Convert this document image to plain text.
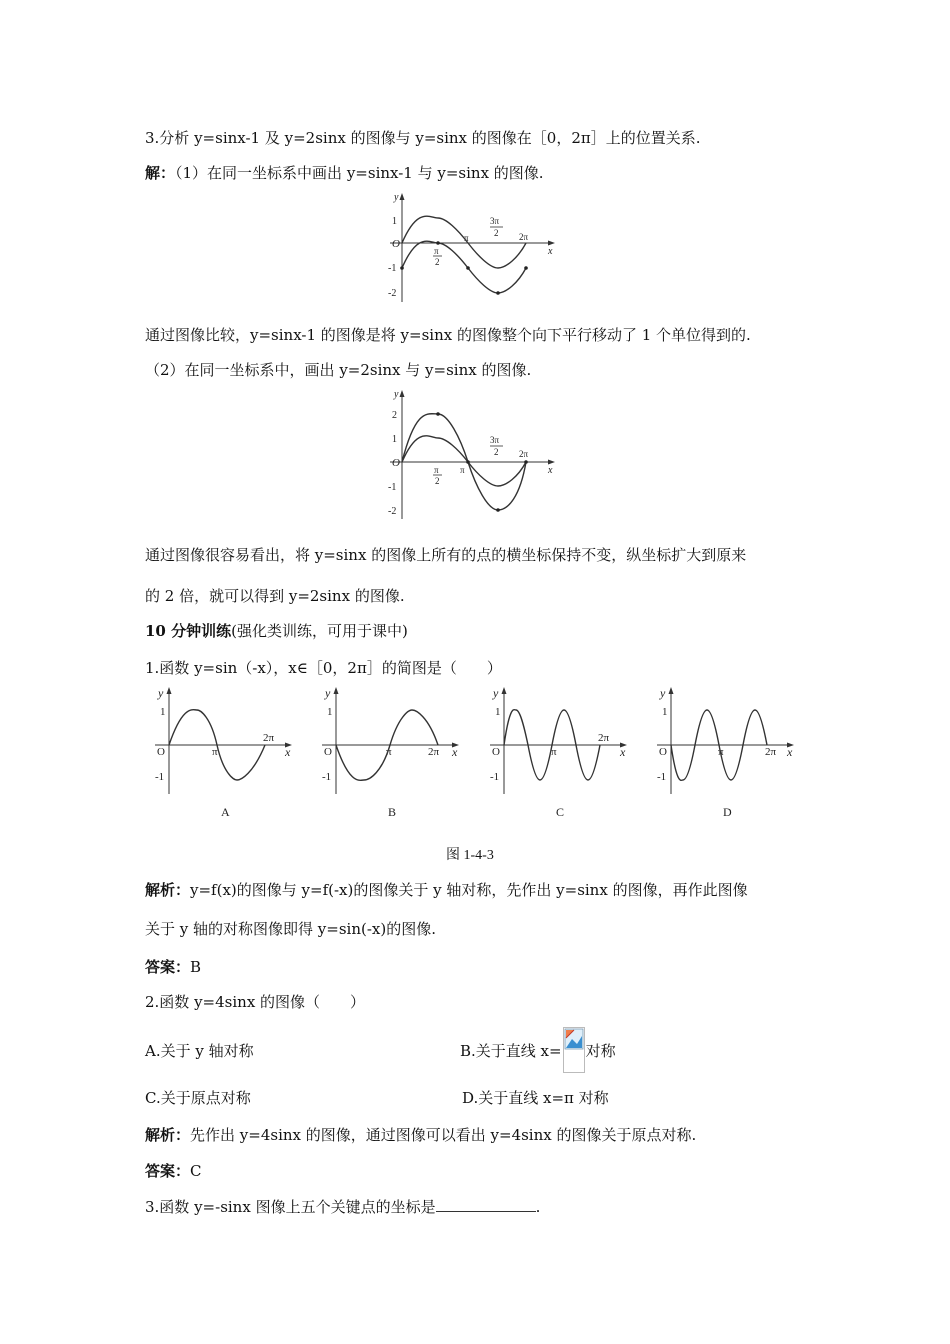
3.分析 y=sinx-1 及 y=2sinx 的图像与 y=sinx 的图像在［0，2π］上的位置关系.
解：（1）在同一坐标系中画出 y=sinx-1 与 y=sinx 的图像.
y
x
O
1
-1
-2
π
2
π
3π
2 2π
通过图像比较，y=sinx-1 的图像是将 y=sinx 的图像整个向下平行移动了 1 个单位得到的.
（2）在同一坐标系中，画出 y=2sinx 与 y=sinx 的图像.
y
x
O
2
1
-1
-2
π
2
π
3π
2 2π
通过图像很容易看出，将 y=sinx 的图像上所有的点的横坐标保持不变，纵坐标扩大到原来
的 2 倍，就可以得到 y=2sinx 的图像.
10 分钟训练(强化类训练，可用于课中)
1.函数 y=sin（-x），x∈［0，2π］的简图是（　　）
y
x
O
1
-1
π
2π
A
y
x
O
1
-1
π	2π
B
y
x
O
1
-1
π
2π
C
y
x
O
1
-1
π	2π
D
图 1-4-3
解析：y=f(x)的图像与 y=f(-x)的图像关于 y 轴对称，先作出 y=sinx 的图像，再作此图像
关于 y 轴的对称图像即得 y=sin(-x)的图像.
答案：B
2.函数 y=4sinx 的图像（　　）
A.关于 y 轴对称	B.关于直线 x= 对称
C.关于原点对称	D.关于直线 x=π 对称
解析：先作出 y=4sinx 的图像，通过图像可以看出 y=4sinx 的图像关于原点对称.
答案：C
3.函数 y=-sinx 图像上五个关键点的坐标是	.
